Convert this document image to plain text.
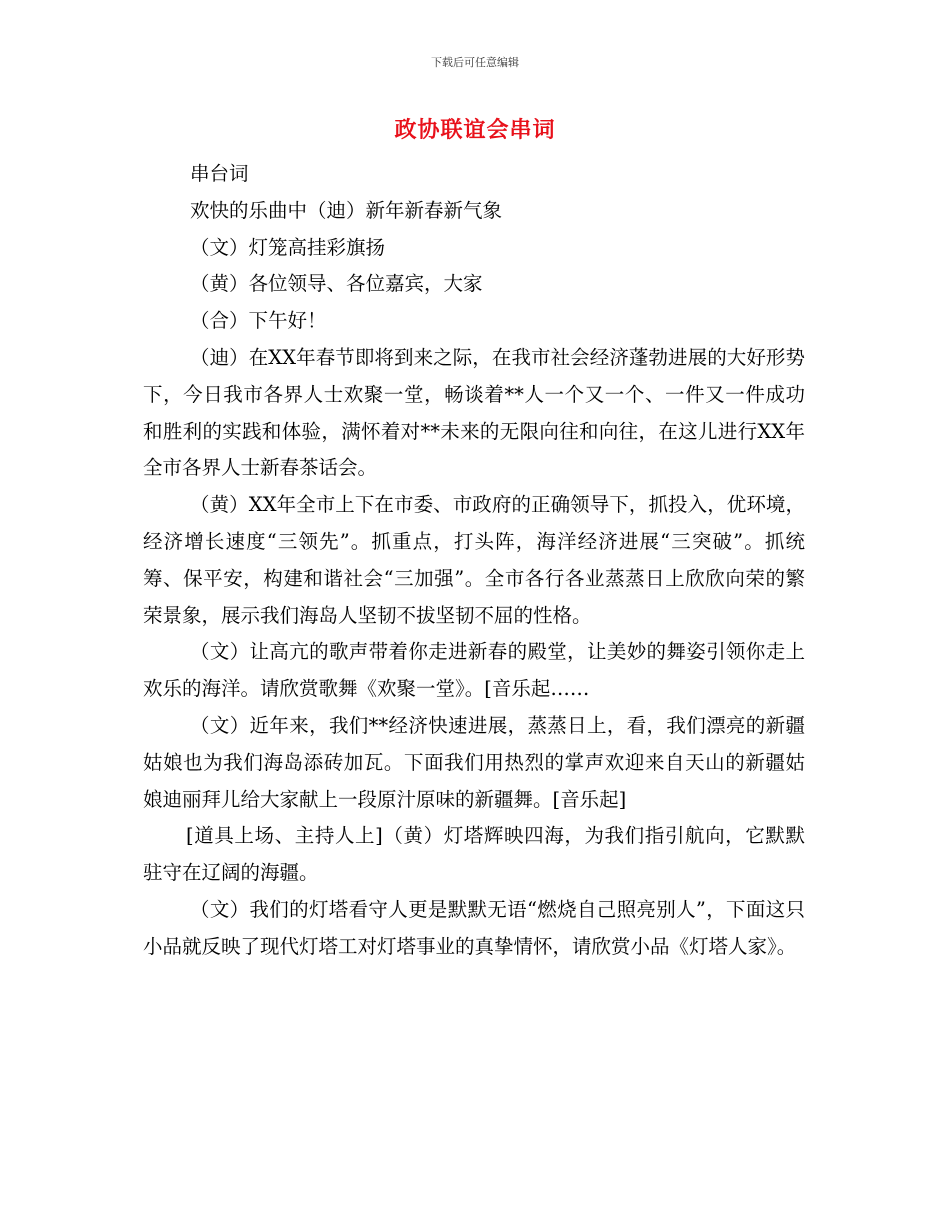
下载后可任意编辑
政协联谊会串词

串台词

欢快的乐曲中（迪）新年新春新气象

（文）灯笼高挂彩旗扬

（黄）各位领导、各位嘉宾，大家

（合）下午好！

（迪）在XX年春节即将到来之际，在我市社会经济蓬勃进展的大好形势下，今日我市各界人士欢聚一堂，畅谈着**人一个又一个、一件又一件成功和胜利的实践和体验，满怀着对**未来的无限向往和向往，在这儿进行XX年全市各界人士新春茶话会。

（黄）XX年全市上下在市委、市政府的正确领导下，抓投入，优环境，经济增长速度“三领先”。抓重点，打头阵，海洋经济进展“三突破”。抓统筹、保平安，构建和谐社会“三加强”。全市各行各业蒸蒸日上欣欣向荣的繁荣景象，展示我们海岛人坚韧不拔坚韧不屈的性格。

（文）让高亢的歌声带着你走进新春的殿堂，让美妙的舞姿引领你走上欢乐的海洋。请欣赏歌舞《欢聚一堂》。[音乐起……

（文）近年来，我们**经济快速进展，蒸蒸日上，看，我们漂亮的新疆姑娘也为我们海岛添砖加瓦。下面我们用热烈的掌声欢迎来自天山的新疆姑娘迪丽拜儿给大家献上一段原汁原味的新疆舞。[音乐起]

[道具上场、主持人上]（黄）灯塔辉映四海，为我们指引航向，它默默驻守在辽阔的海疆。

（文）我们的灯塔看守人更是默默无语“燃烧自己照亮别人”，下面这只小品就反映了现代灯塔工对灯塔事业的真挚情怀，请欣赏小品《灯塔人家》。
